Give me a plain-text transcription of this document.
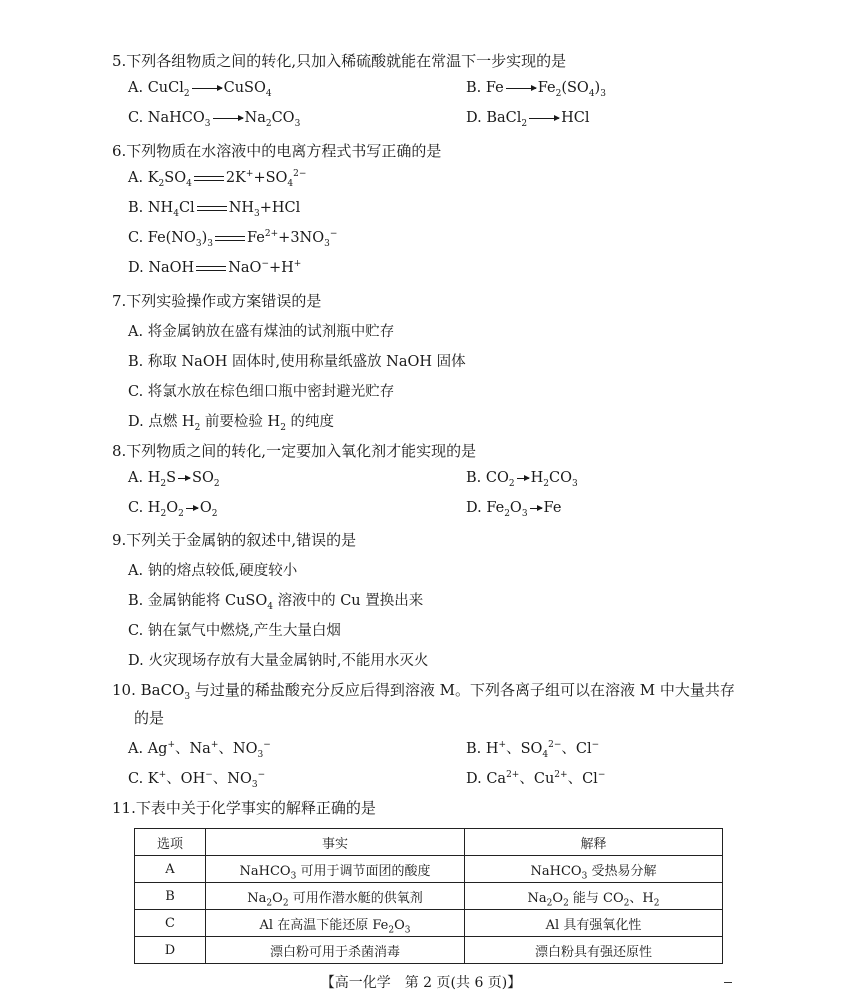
5.下列各组物质之间的转化,只加入稀硫酸就能在常温下一步实现的是
A. CuCl$_2$ → CuSO$_4$	B. $Fe \to Fe_2(SO_4)_3$
C. NaHCO$_3$ → $Na_2CO_3$	D. BaCl$_2$ → HCl
6.下列物质在水溶液中的电离方程式书写正确的是
A. $K_2SO_4$ $2K^++SO_4^{2-}$
B. $NH_4Cl$ $NH_3+HCl$
C. $Fe(NO_3)_3$ $Fe^{2+}+3NO_3^-$
D. NaOH NaO−+H+
7.下列实验操作或方案错误的是
A. 将金属钠放在盛有煤油的试剂瓶中贮存
B. 称取 NaOH 固体时,使用称量纸盛放 NaOH 固体
C. 将氯水放在棕色细口瓶中密封避光贮存
D. 点燃 $H_2$ 前要检验 $H_2$ 的纯度
8.下列物质之间的转化,一定要加入氧化剂才能实现的是
A. $H_2S$ $SO_2$	B. $CO_2$ $H_2CO_3$
C. $H_2O_2$ $O_2$	D. $Fe_2O_3$ Fe
9.下列关于金属钠的叙述中,错误的是
A. 钠的熔点较低,硬度较小
B. 金属钠能将 CuSO$_4$ 溶液中的 Cu 置换出来
C. 钠在氯气中燃烧,产生大量白烟
D. 火灾现场存放有大量金属钠时,不能用水灭火
10. BaCO$_3$ 与过量的稀盐酸充分反应后得到溶液 M。下列各离子组可以在溶液 M 中大量共存
的是
A. Ag+、Na+、$NO_3^-$	B. H+、$SO_4^{2-}$、Cl−
C. K+、OH−、$NO_3^-$	D. $Ca^{2+}$、$Cu^{2+}$、Cl−
11.下表中关于化学事实的解释正确的是
选项	事实	解释
A	NaHCO$_3$ 可用于调节面团的酸度	NaHCO$_3$ 受热易分解
B	$Na_2O_2$ 可用作潜水艇的供氧剂	$Na_2O_2$ 能与 $CO_2$、$H_2$
C	Al 在高温下能还原 $Fe_2O_3$	Al 具有强氧化性
D	漂白粉可用于杀菌消毒	漂白粉具有强还原性
【高一化学　第 2 页(共 6 页)】
